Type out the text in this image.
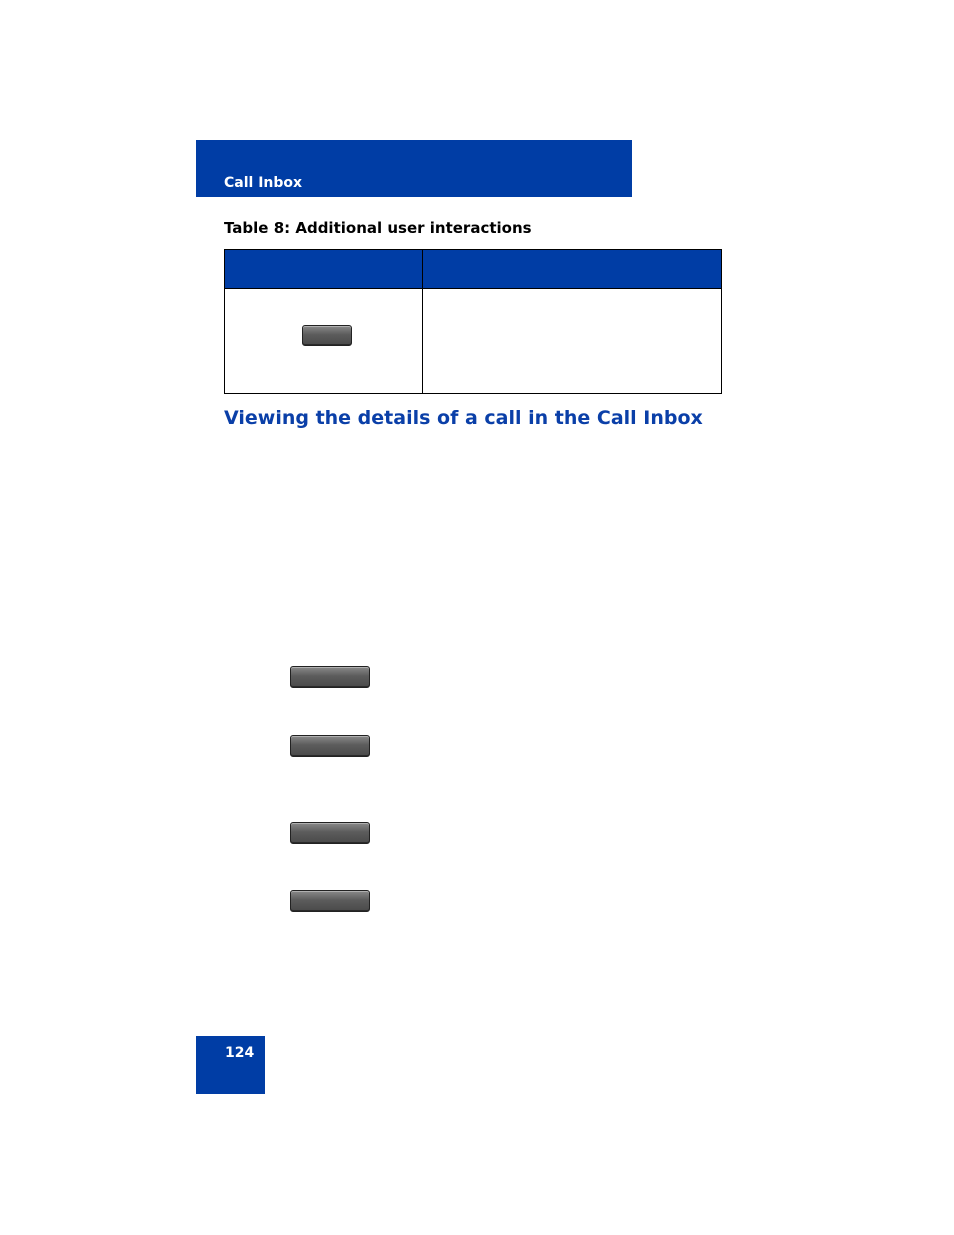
Call Inbox
Table 8: Additional user interactions
Viewing the details of a call in the Call Inbox
124
